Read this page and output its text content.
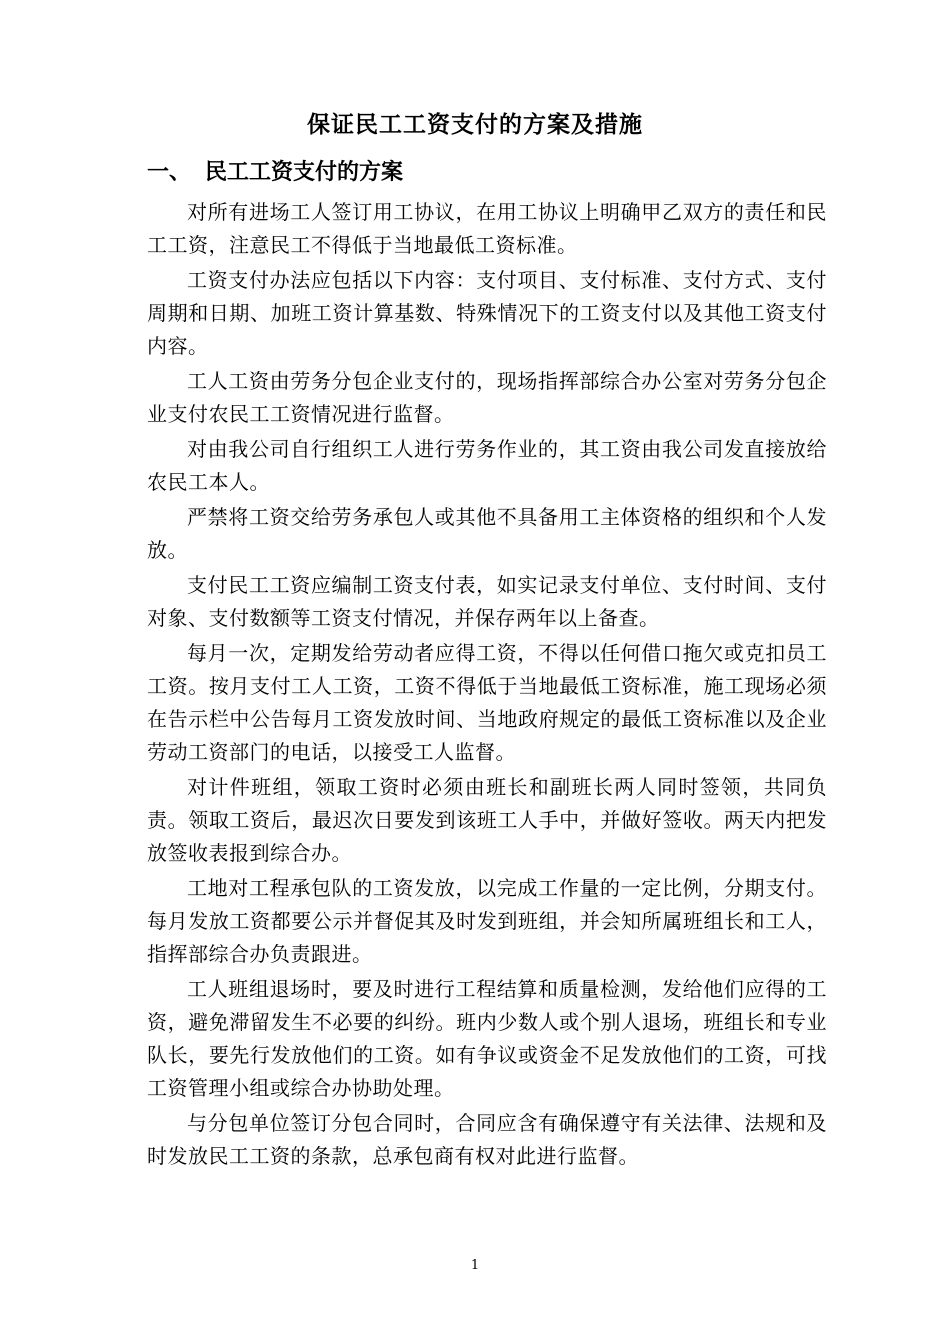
保证民工工资支付的方案及措施
一、 民工工资支付的方案

对所有进场工人签订用工协议，在用工协议上明确甲乙双方的责任和民工工资，注意民工不得低于当地最低工资标准。

工资支付办法应包括以下内容：支付项目、支付标准、支付方式、支付周期和日期、加班工资计算基数、特殊情况下的工资支付以及其他工资支付内容。

工人工资由劳务分包企业支付的，现场指挥部综合办公室对劳务分包企业支付农民工工资情况进行监督。

对由我公司自行组织工人进行劳务作业的，其工资由我公司发直接放给农民工本人。

严禁将工资交给劳务承包人或其他不具备用工主体资格的组织和个人发放。

支付民工工资应编制工资支付表，如实记录支付单位、支付时间、支付对象、支付数额等工资支付情况，并保存两年以上备查。

每月一次，定期发给劳动者应得工资，不得以任何借口拖欠或克扣员工工资。按月支付工人工资，工资不得低于当地最低工资标准，施工现场必须在告示栏中公告每月工资发放时间、当地政府规定的最低工资标准以及企业劳动工资部门的电话，以接受工人监督。

对计件班组，领取工资时必须由班长和副班长两人同时签领，共同负责。领取工资后，最迟次日要发到该班工人手中，并做好签收。两天内把发放签收表报到综合办。

工地对工程承包队的工资发放，以完成工作量的一定比例，分期支付。每月发放工资都要公示并督促其及时发到班组，并会知所属班组长和工人，指挥部综合办负责跟进。

工人班组退场时，要及时进行工程结算和质量检测，发给他们应得的工资，避免滞留发生不必要的纠纷。班内少数人或个别人退场，班组长和专业队长，要先行发放他们的工资。如有争议或资金不足发放他们的工资，可找工资管理小组或综合办协助处理。

与分包单位签订分包合同时，合同应含有确保遵守有关法律、法规和及时发放民工工资的条款，总承包商有权对此进行监督。

1
